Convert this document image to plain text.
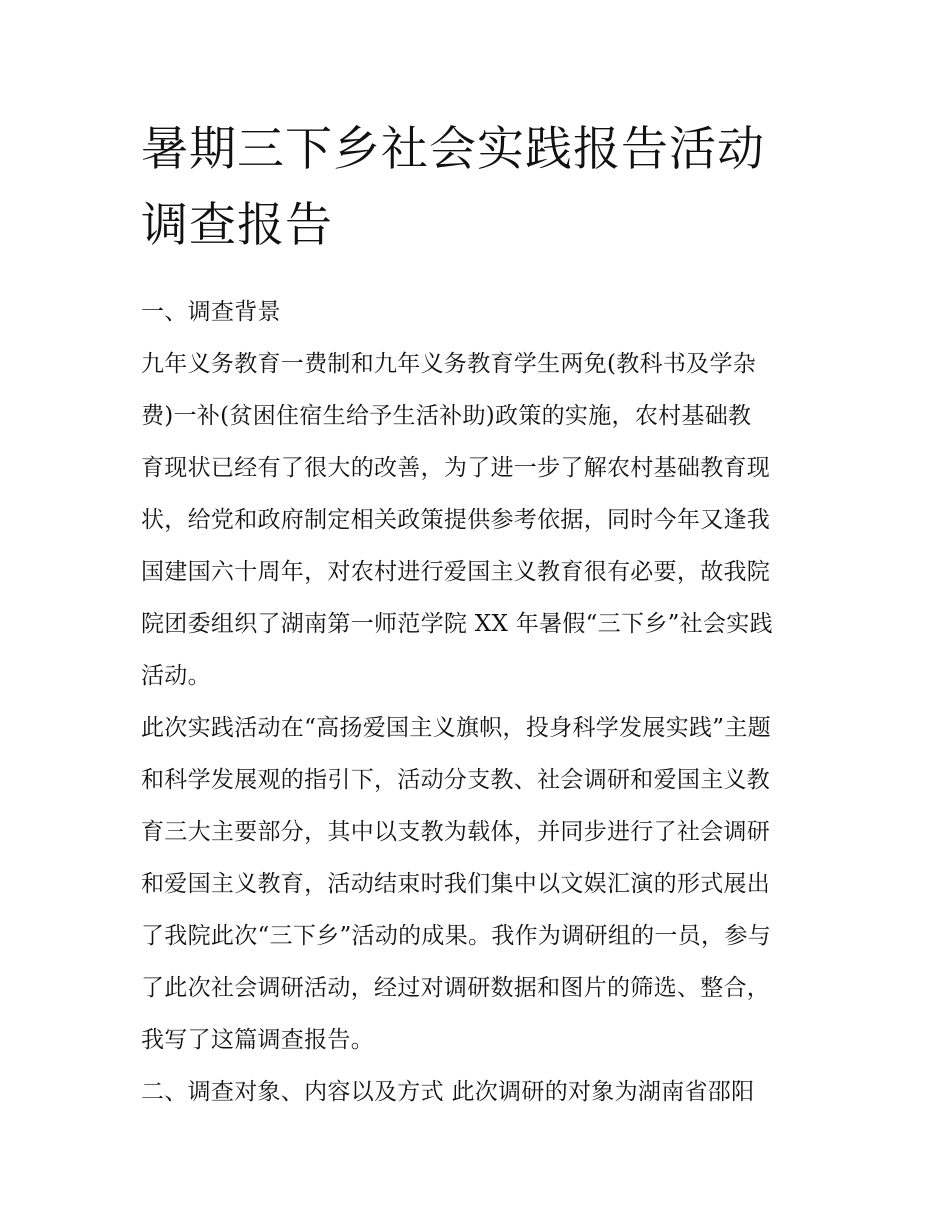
暑期三下乡社会实践报告活动
调查报告

一、调查背景

九年义务教育一费制和九年义务教育学生两免(教科书及学杂
费)一补(贫困住宿生给予生活补助)政策的实施，农村基础教
育现状已经有了很大的改善，为了进一步了解农村基础教育现
状，给党和政府制定相关政策提供参考依据，同时今年又逢我
国建国六十周年，对农村进行爱国主义教育很有必要，故我院
院团委组织了湖南第一师范学院 XX 年暑假“三下乡”社会实践
活动。

此次实践活动在“高扬爱国主义旗帜，投身科学发展实践”主题
和科学发展观的指引下，活动分支教、社会调研和爱国主义教
育三大主要部分，其中以支教为载体，并同步进行了社会调研
和爱国主义教育，活动结束时我们集中以文娱汇演的形式展出
了我院此次“三下乡”活动的成果。我作为调研组的一员，参与
了此次社会调研活动，经过对调研数据和图片的筛选、整合，
我写了这篇调查报告。

二、调查对象、内容以及方式 此次调研的对象为湖南省邵阳
